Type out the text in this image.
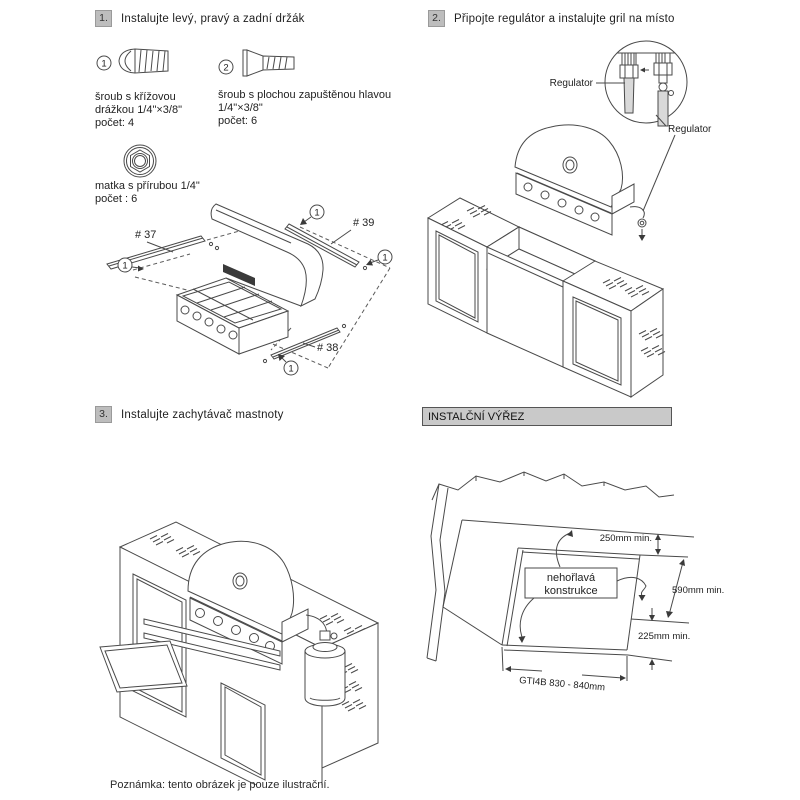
1.	Instalujte levý, pravý a zadní držák
1	2
šroub s křížovou
drážkou 1/4"×3/8"
počet: 4
šroub s plochou zapuštěnou hlavou
1/4"×3/8"
počet: 6
matka s přírubou 1/4"
počet : 6
1
1
1
1
# 37
# 39
# 38
2.	Připojte regulátor a instalujte gril na místo
Regulator
Regulator
3.	Instalujte zachytávač mastnoty	INSTALČNÍ VÝŘEZ
250mm min.
590mm min.
225mm min.
GTI4B 830 - 840mm
nehořlavá
konstrukce
Poznámka: tento obrázek je pouze ilustrační.
